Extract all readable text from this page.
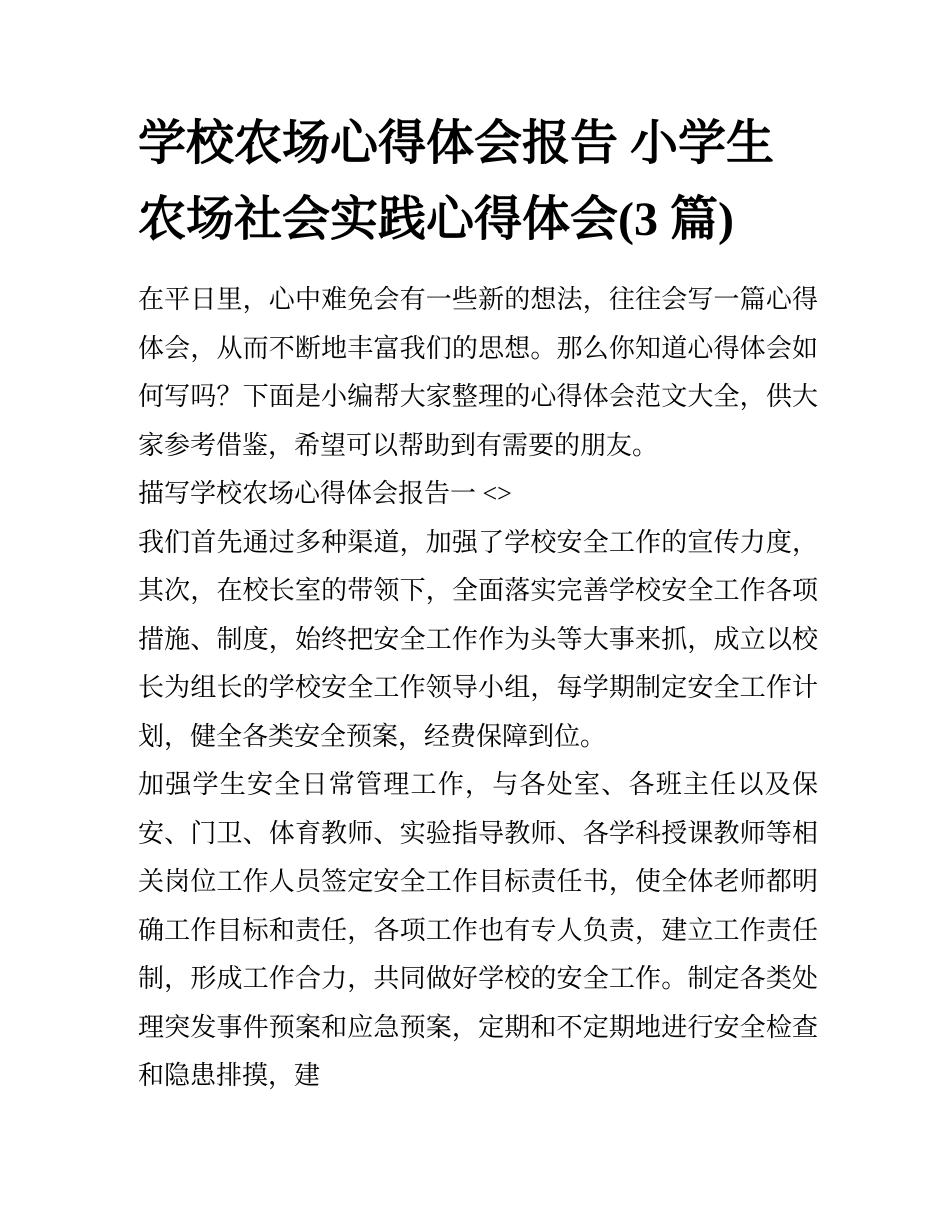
学校农场心得体会报告 小学生农场社会实践心得体会(3 篇)

在平日里，心中难免会有一些新的想法，往往会写一篇心得体会，从而不断地丰富我们的思想。那么你知道心得体会如何写吗？下面是小编帮大家整理的心得体会范文大全，供大家参考借鉴，希望可以帮助到有需要的朋友。

描写学校农场心得体会报告一 <>

我们首先通过多种渠道，加强了学校安全工作的宣传力度，其次，在校长室的带领下，全面落实完善学校安全工作各项措施、制度，始终把安全工作作为头等大事来抓，成立以校长为组长的学校安全工作领导小组，每学期制定安全工作计划，健全各类安全预案，经费保障到位。

加强学生安全日常管理工作，与各处室、各班主任以及保安、门卫、体育教师、实验指导教师、各学科授课教师等相关岗位工作人员签定安全工作目标责任书，使全体老师都明确工作目标和责任，各项工作也有专人负责，建立工作责任制，形成工作合力，共同做好学校的安全工作。制定各类处理突发事件预案和应急预案，定期和不定期地进行安全检查和隐患排摸，建
